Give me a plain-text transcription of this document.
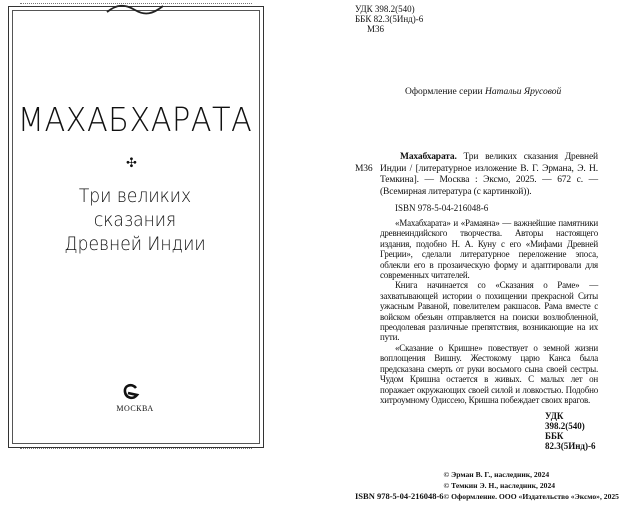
МАХАБХАРАТА
✣
Три великих
сказания
Древней Индии
МОСКВА
УДК 398.2(540)
ББК 82.3(5Инд)-6
М36
Оформление серии Натальи Ярусовой
М36
Махабхарата. Три великих сказания Древней Индии / [литературное изложение В. Г. Эрмана, Э. Н. Темкина]. — Москва : Эксмо, 2025. — 672 с. — (Всемирная литература (с картинкой)).
ISBN 978-5-04-216048-6

«Махабхарата» и «Рамаяна» — важнейшие памятники древнеиндийского творчества. Авторы настоящего издания, подобно Н. А. Куну с его «Мифами Древней Греции», сделали литературное переложение эпоса, облекли его в прозаическую форму и адаптировали для современных читателей.

Книга начинается со «Сказания о Раме» — захватывающей истории о похищении прекрасной Ситы ужасным Раваной, повелителем ракшасов. Рама вместе с войском обезьян отправляется на поиски возлюбленной, преодолевая различные препятствия, возникающие на их пути.

«Сказание о Кришне» повествует о земной жизни воплощения Вишну. Жестокому царю Канса была предсказана смерть от руки восьмого сына своей сестры. Чудом Кришна остается в живых. С малых лет он поражает окружающих своей силой и ловкостью. Подобно хитроумному Одиссею, Кришна побеждает своих врагов.

УДК 398.2(540)
ББК 82.3(5Инд)-6
ISBN 978-5-04-216048-6
© Эрман В. Г., наследник, 2024
© Темкин Э. Н., наследник, 2024
© Оформление. ООО «Издательство «Эксмо», 2025
